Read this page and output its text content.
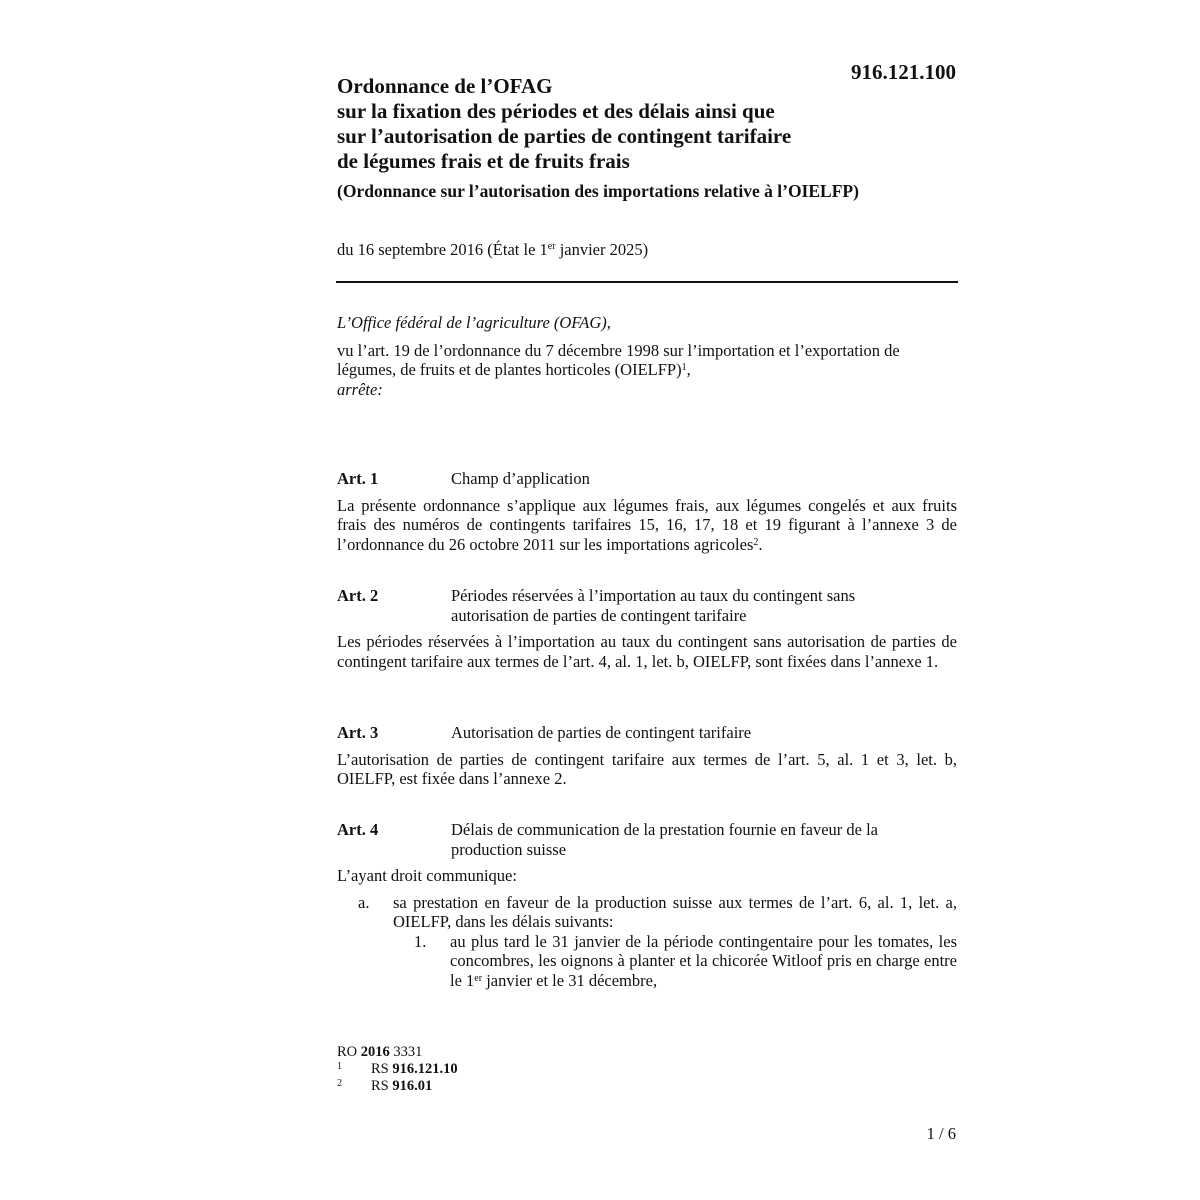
916.121.100
Ordonnance de l’OFAG
sur la fixation des périodes et des délais ainsi que
sur l’autorisation de parties de contingent tarifaire
de légumes frais et de fruits frais
(Ordonnance sur l’autorisation des importations relative à l’OIELFP)
du 16 septembre 2016 (État le 1er janvier 2025)

L’Office fédéral de l’agriculture (OFAG),

vu l’art. 19 de l’ordonnance du 7 décembre 1998 sur l’importation et l’exportation de légumes, de fruits et de plantes horticoles (OIELFP)$^1$,

arrête:

Art. 1	Champ d’application

La présente ordonnance s’applique aux légumes frais, aux légumes congelés et aux fruits frais des numéros de contingents tarifaires 15, 16, 17, 18 et 19 figurant à l’annexe 3 de l’ordonnance du 26 octobre 2011 sur les importations agricoles$^2$.

Art. 2	Périodes réservées à l’importation au taux du contingent sans autorisation de parties de contingent tarifaire

Les périodes réservées à l’importation au taux du contingent sans autorisation de parties de contingent tarifaire aux termes de l’art. 4, al. 1, let. b, OIELFP, sont fixées dans l’annexe 1.

Art. 3	Autorisation de parties de contingent tarifaire

L’autorisation de parties de contingent tarifaire aux termes de l’art. 5, al. 1 et 3, let. b, OIELFP, est fixée dans l’annexe 2.

Art. 4	Délais de communication de la prestation fournie en faveur de la production suisse

L’ayant droit communique:

a.	sa prestation en faveur de la production suisse aux termes de l’art. 6, al. 1, let. a, OIELFP, dans les délais suivants:
1.	au plus tard le 31 janvier de la période contingentaire pour les tomates, les concombres, les oignons à planter et la chicorée Witloof pris en charge entre le 1er janvier et le 31 décembre,
RO 2016 3331
1	RS 916.121.10
2	RS 916.01
1 / 6
